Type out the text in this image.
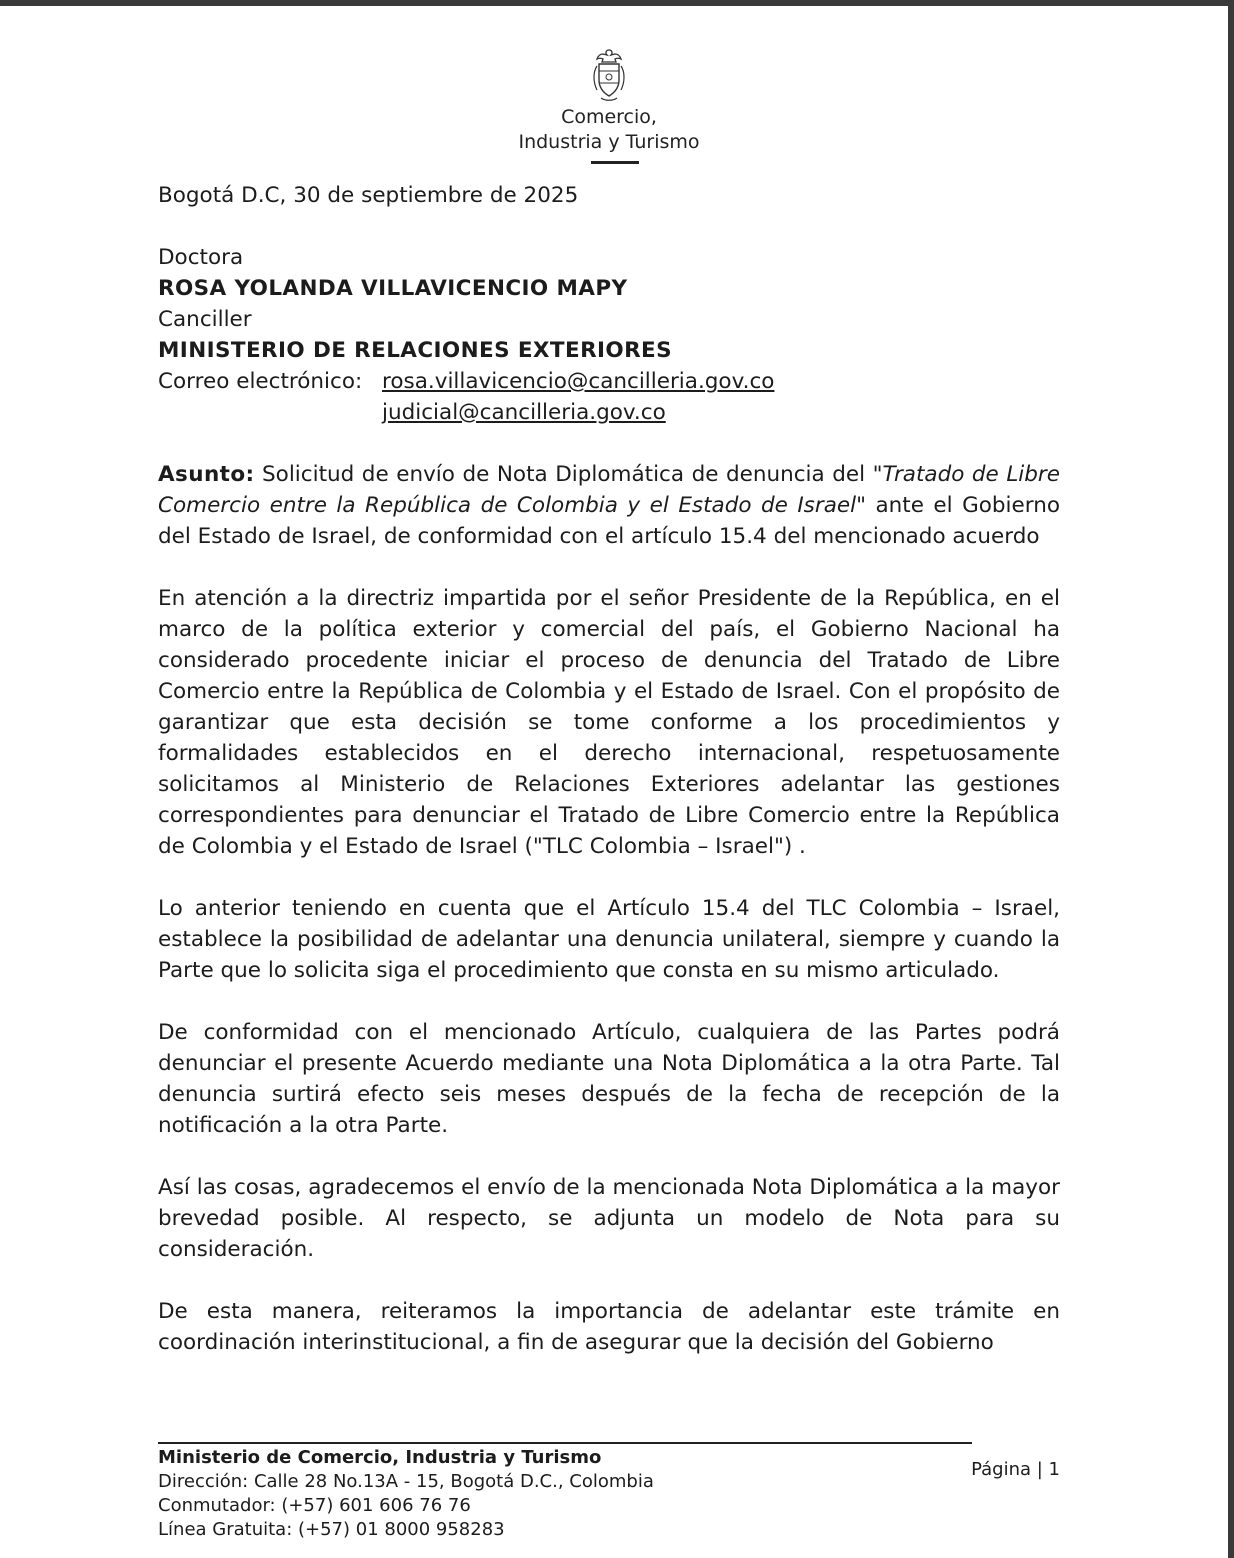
Comercio,
Industria y Turismo

Bogotá D.C, 30 de septiembre de 2025

Doctora

ROSA YOLANDA VILLAVICENCIO MAPY

Canciller

MINISTERIO DE RELACIONES EXTERIORES

Correo electrónico: rosa.villavicencio@cancilleria.gov.co
judicial@cancilleria.gov.co

Asunto: Solicitud de envío de Nota Diplomática de denuncia del "Tratado de Libre Comercio entre la República de Colombia y el Estado de Israel" ante el Gobierno del Estado de Israel, de conformidad con el artículo 15.4 del mencionado acuerdo

En atención a la directriz impartida por el señor Presidente de la República, en el marco de la política exterior y comercial del país, el Gobierno Nacional ha considerado procedente iniciar el proceso de denuncia del Tratado de Libre Comercio entre la República de Colombia y el Estado de Israel. Con el propósito de garantizar que esta decisión se tome conforme a los procedimientos y formalidades establecidos en el derecho internacional, respetuosamente solicitamos al Ministerio de Relaciones Exteriores adelantar las gestiones correspondientes para denunciar el Tratado de Libre Comercio entre la República de Colombia y el Estado de Israel ("TLC Colombia – Israel") .

Lo anterior teniendo en cuenta que el Artículo 15.4 del TLC Colombia – Israel, establece la posibilidad de adelantar una denuncia unilateral, siempre y cuando la Parte que lo solicita siga el procedimiento que consta en su mismo articulado.

De conformidad con el mencionado Artículo, cualquiera de las Partes podrá denunciar el presente Acuerdo mediante una Nota Diplomática a la otra Parte. Tal denuncia surtirá efecto seis meses después de la fecha de recepción de la notificación a la otra Parte.

Así las cosas, agradecemos el envío de la mencionada Nota Diplomática a la mayor brevedad posible. Al respecto, se adjunta un modelo de Nota para su consideración.

De esta manera, reiteramos la importancia de adelantar este trámite en coordinación interinstitucional, a fin de asegurar que la decisión del Gobierno

Ministerio de Comercio, Industria y Turismo
Dirección: Calle 28 No.13A - 15, Bogotá D.C., Colombia
Conmutador: (+57) 601 606 76 76
Línea Gratuita: (+57) 01 8000 958283
Página | 1
